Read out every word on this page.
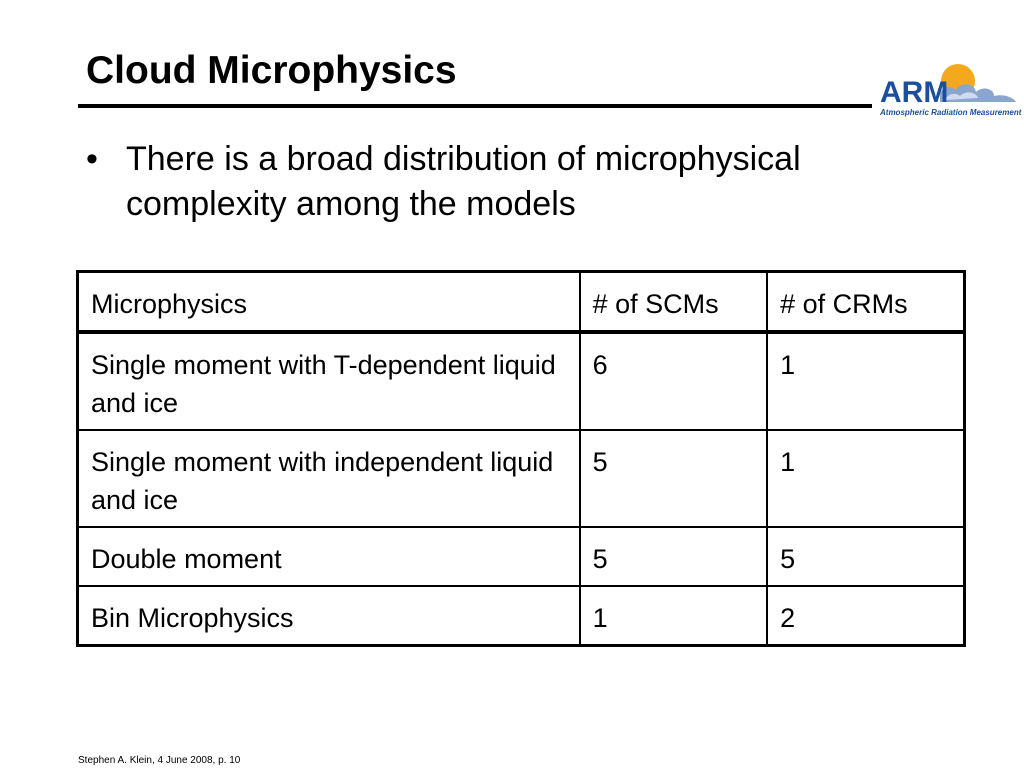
Cloud Microphysics
ARM
Atmospheric Radiation Measurement
• There is a broad distribution of microphysical complexity among the models
Microphysics	# of SCMs	# of CRMs
Single moment with T-dependent liquid and ice	6	1
Single moment with independent liquid and ice	5	1
Double moment	5	5
Bin Microphysics	1	2
Stephen A. Klein, 4 June 2008, p. 10
